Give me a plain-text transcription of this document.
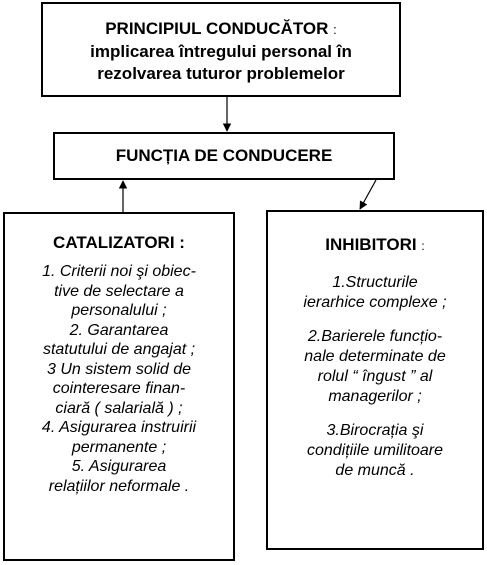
PRINCIPIUL CONDUCĂTOR :
implicarea întregului personal în
rezolvarea tuturor problemelor
FUNCȚIA DE CONDUCERE
CATALIZATORI :
1. Criterii noi şi obiec-
tive de selectare a
personalului ;
2. Garantarea
statutului de angajat ;
3 Un sistem solid de
cointeresare finan-
ciară ( salarială ) ;
4. Asigurarea instruirii
permanente ;
5. Asigurarea
relațiilor neformale .
INHIBITORI :
1.Structurile
ierarhice complexe ;
2.Barierele funcțio-
nale determinate de
rolul “ îngust ” al
managerilor ;
3.Birocrația şi
condițiile umilitoare
de muncă .
